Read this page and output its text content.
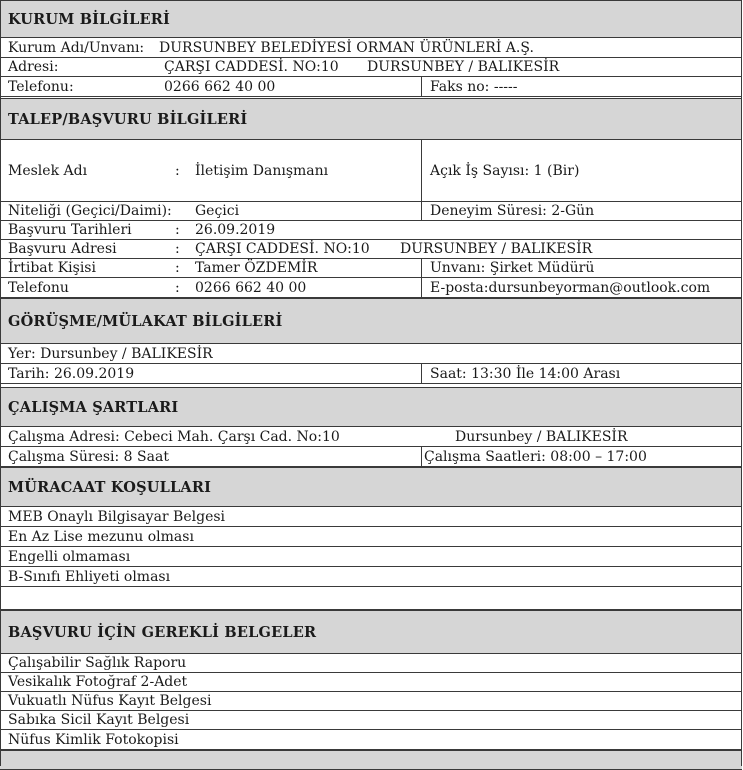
KURUM BİLGİLERİ
Kurum Adı/Unvanı: DURSUNBEY BELEDİYESİ ORMAN ÜRÜNLERİ A.Ş.
Adresi:	ÇARŞI CADDESİ. NO:10 DURSUNBEY / BALIKESİR
Telefonu:	0266 662 40 00	Faks no: -----
TALEP/BAŞVURU BİLGİLERİ
Meslek Adı	: İletişim Danışmanı	Açık İş Sayısı: 1 (Bir)
Niteliği (Geçici/Daimi): Geçici	Deneyim Süresi: 2-Gün
Başvuru Tarihleri	: 26.09.2019
Başvuru Adresi	: ÇARŞI CADDESİ. NO:10 DURSUNBEY / BALIKESİR
İrtibat Kişisi	: Tamer ÖZDEMİR	Unvanı: Şirket Müdürü
Telefonu	: 0266 662 40 00	E-posta:dursunbeyorman@outlook.com
GÖRÜŞME/MÜLAKAT BİLGİLERİ
Yer: Dursunbey / BALIKESİR
Tarih: 26.09.2019	Saat: 13:30 İle 14:00 Arası
ÇALIŞMA ŞARTLARI
Çalışma Adresi: Cebeci Mah. Çarşı Cad. No:10	Dursunbey / BALIKESİR
Çalışma Süresi: 8 Saat	Çalışma Saatleri: 08:00 – 17:00
MÜRACAAT KOŞULLARI
MEB Onaylı Bilgisayar Belgesi
En Az Lise mezunu olması
Engelli olmaması
B-Sınıfı Ehliyeti olması
BAŞVURU İÇİN GEREKLİ BELGELER
Çalışabilir Sağlık Raporu
Vesikalık Fotoğraf 2-Adet
Vukuatlı Nüfus Kayıt Belgesi
Sabıka Sicil Kayıt Belgesi
Nüfus Kimlik Fotokopisi
